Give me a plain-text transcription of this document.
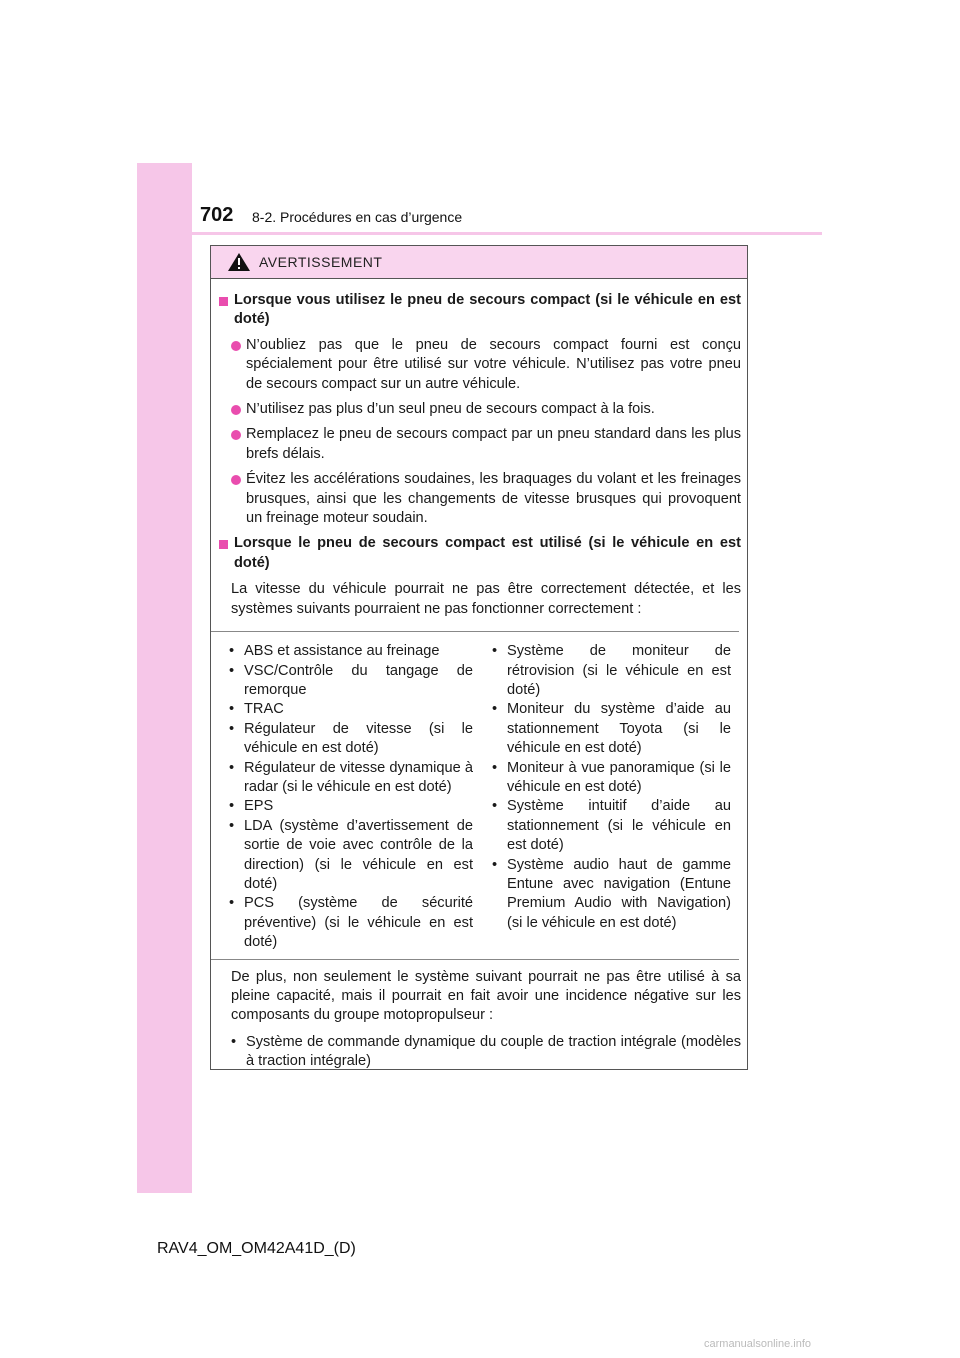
702 8-2. Procédures en cas d’urgence
AVERTISSEMENT
Lorsque vous utilisez le pneu de secours compact (si le véhicule en est doté)
N’oubliez pas que le pneu de secours compact fourni est conçu spécialement pour être utilisé sur votre véhicule. N’utilisez pas votre pneu de secours compact sur un autre véhicule.
N’utilisez pas plus d’un seul pneu de secours compact à la fois.
Remplacez le pneu de secours compact par un pneu standard dans les plus brefs délais.
Évitez les accélérations soudaines, les braquages du volant et les freinages brusques, ainsi que les changements de vitesse brusques qui provoquent un freinage moteur soudain.
Lorsque le pneu de secours compact est utilisé (si le véhicule en est doté)
La vitesse du véhicule pourrait ne pas être correctement détectée, et les systèmes suivants pourraient ne pas fonctionner correctement :
• ABS et assistance au freinage
• VSC/Contrôle du tangage de remorque
• TRAC
• Régulateur de vitesse (si le véhicule en est doté)
• Régulateur de vitesse dynamique à radar (si le véhicule en est doté)
• EPS
• LDA (système d’avertissement de sortie de voie avec contrôle de la direction) (si le véhicule en est doté)
• PCS (système de sécurité préventive) (si le véhicule en est doté)
• Système de moniteur de rétrovision (si le véhicule en est doté)
• Moniteur du système d’aide au stationnement Toyota (si le véhicule en est doté)
• Moniteur à vue panoramique (si le véhicule en est doté)
• Système intuitif d’aide au stationnement (si le véhicule en est doté)
• Système audio haut de gamme Entune avec navigation (Entune Premium Audio with Navigation) (si le véhicule en est doté)
De plus, non seulement le système suivant pourrait ne pas être utilisé à sa pleine capacité, mais il pourrait en fait avoir une incidence négative sur les composants du groupe motopropulseur :
• Système de commande dynamique du couple de traction intégrale (modèles à traction intégrale)
RAV4_OM_OM42A41D_(D)
carmanualsonline.info
